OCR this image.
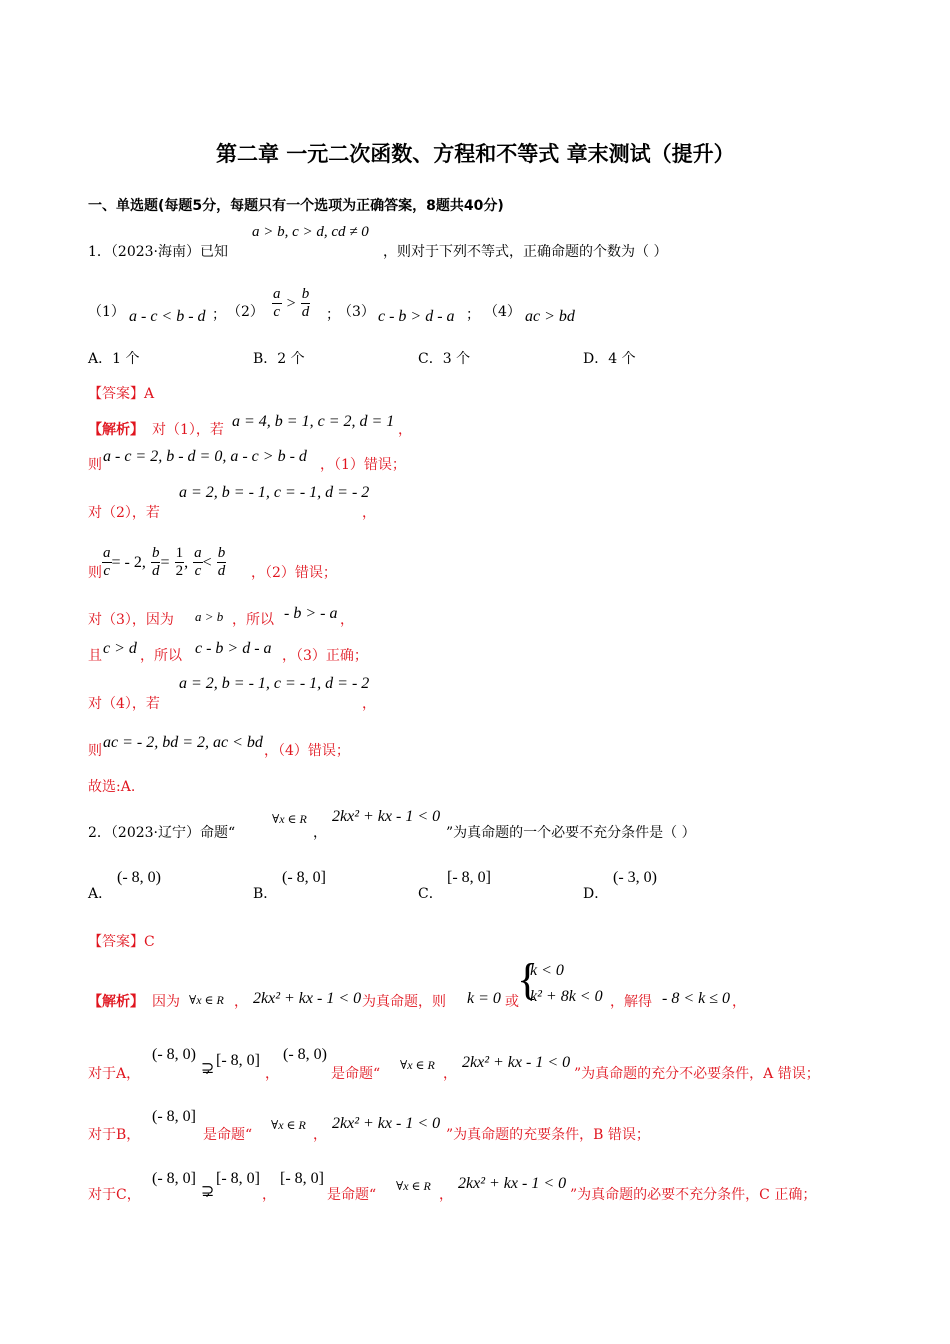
第二章 一元二次函数、方程和不等式 章末测试（提升）
一、单选题(每题5分，每题只有一个选项为正确答案，8题共40分)
1．（2023·海南）已知
a > b, c > d, cd ≠ 0
，则对于下列不等式，正确命题的个数为（ ）
（1） a - c < b - d ； $(2) \frac{a}{c} > \frac{b}{d}$ ；
（3） c - b > d - a ； （4） ac > bd
A．1 个	B．2 个	C．3 个	D．4 个
【答案】A
【解析】 对（1），若 a = 4, b = 1, c = 2, d = 1 ，
则 a - c = 2, b - d = 0, a - c > b - d ，（1）错误；
对（2），若
a = 2, b = - 1, c = - 1, d = - 2
，
则 $\frac{a}{c}$ = - 2, $\frac{b}{d} = \frac{1}{2}$ , $\frac{a}{c} < \frac{b}{d}$ ，（2）错误；
对（3），因为 a > b ，所以 - b > - a ，
且 c > d ，所以 c - b > d - a ，（3）正确；
对（4），若
a = 2, b = - 1, c = - 1, d = - 2
，
则 ac = - 2, bd = 2, ac < bd ，（4）错误；
故选:A.
2．（2023·辽宁）命题“
∀x ∈ R
，
2kx² + kx - 1 < 0
”为真命题的一个必要不充分条件是（ ）
A．
(- 8, 0)
B．
(- 8, 0]
C．
[- 8, 0]
D．
(- 3, 0)
【答案】C
【解析】 因为 ∀x ∈ R ， 2kx² + kx - 1 < 0 为真命题，则 k = 0 或
{
k < 0
k² + 8k < 0 ，解得 - 8 < k ≤ 0 ，
对于A，
(- 8, 0)
⊋ [- 8, 0]
，
(- 8, 0)
是命题“
∀x ∈ R
，
2kx² + kx - 1 < 0
”为真命题的充分不必要条件，A 错误；
对于B，
(- 8, 0]
是命题“
∀x ∈ R
，
2kx² + kx - 1 < 0
”为真命题的充要条件，B 错误；
对于C，
(- 8, 0]
⊋
[- 8, 0]
，
[- 8, 0]
是命题“
∀x ∈ R
，
2kx² + kx - 1 < 0
”为真命题的必要不充分条件，C 正确；
